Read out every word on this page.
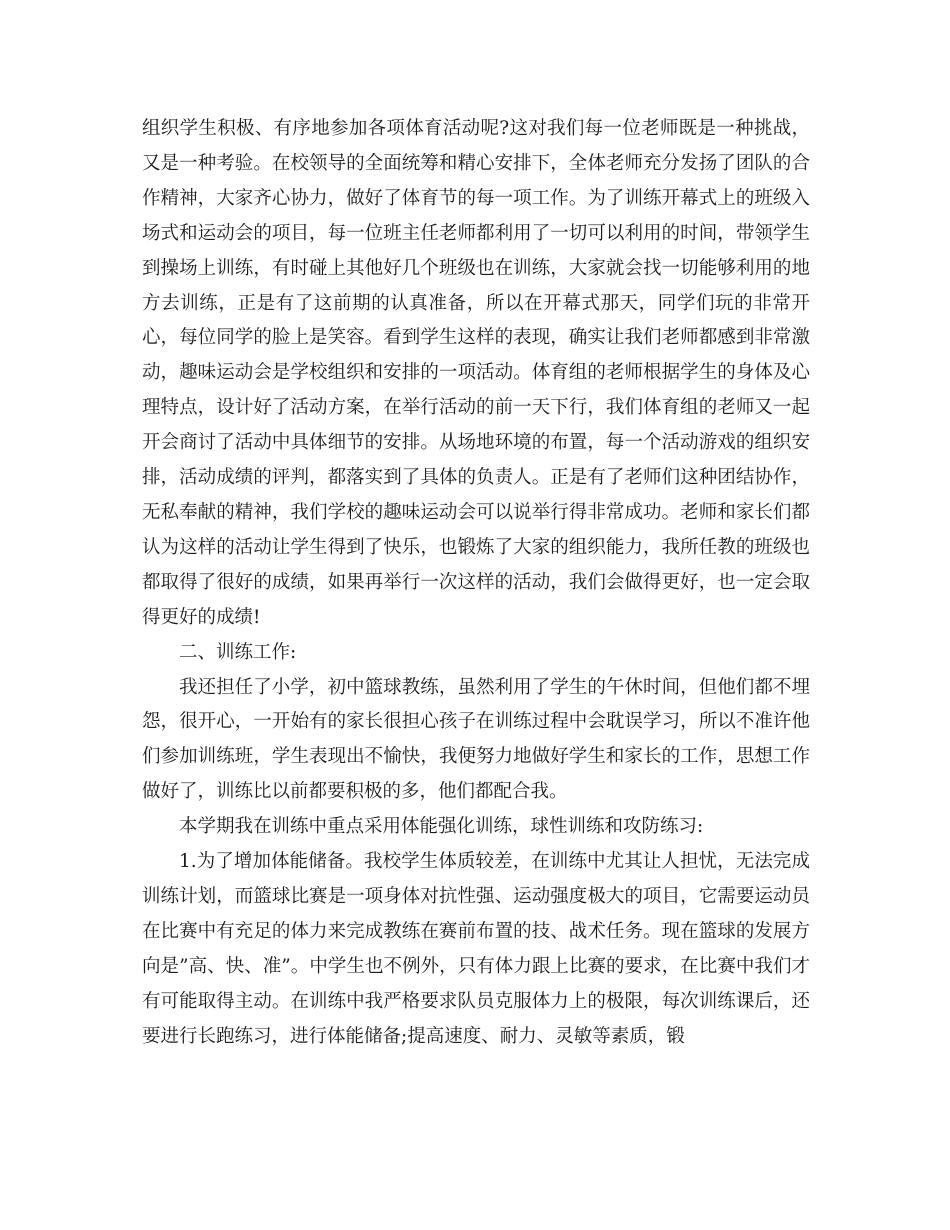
组织学生积极、有序地参加各项体育活动呢?这对我们每一位老师既是一种挑战，又是一种考验。在校领导的全面统筹和精心安排下，全体老师充分发扬了团队的合作精神，大家齐心协力，做好了体育节的每一项工作。为了训练开幕式上的班级入场式和运动会的项目，每一位班主任老师都利用了一切可以利用的时间，带领学生到操场上训练，有时碰上其他好几个班级也在训练，大家就会找一切能够利用的地方去训练，正是有了这前期的认真准备，所以在开幕式那天，同学们玩的非常开心，每位同学的脸上是笑容。看到学生这样的表现，确实让我们老师都感到非常激动，趣味运动会是学校组织和安排的一项活动。体育组的老师根据学生的身体及心理特点，设计好了活动方案，在举行活动的前一天下行，我们体育组的老师又一起开会商讨了活动中具体细节的安排。从场地环境的布置，每一个活动游戏的组织安排，活动成绩的评判，都落实到了具体的负责人。正是有了老师们这种团结协作，无私奉献的精神，我们学校的趣味运动会可以说举行得非常成功。老师和家长们都认为这样的活动让学生得到了快乐，也锻炼了大家的组织能力，我所任教的班级也都取得了很好的成绩，如果再举行一次这样的活动，我们会做得更好，也一定会取得更好的成绩!

二、训练工作:

我还担任了小学，初中篮球教练，虽然利用了学生的午休时间，但他们都不埋怨，很开心，一开始有的家长很担心孩子在训练过程中会耽误学习，所以不准许他们参加训练班，学生表现出不愉快，我便努力地做好学生和家长的工作，思想工作做好了，训练比以前都要积极的多，他们都配合我。

本学期我在训练中重点采用体能强化训练，球性训练和攻防练习:

1.为了增加体能储备。我校学生体质较差，在训练中尤其让人担忧，无法完成训练计划，而篮球比赛是一项身体对抗性强、运动强度极大的项目，它需要运动员在比赛中有充足的体力来完成教练在赛前布置的技、战术任务。现在篮球的发展方向是”高、快、准”。中学生也不例外，只有体力跟上比赛的要求，在比赛中我们才有可能取得主动。在训练中我严格要求队员克服体力上的极限，每次训练课后，还要进行长跑练习，进行体能储备;提高速度、耐力、灵敏等素质，锻
